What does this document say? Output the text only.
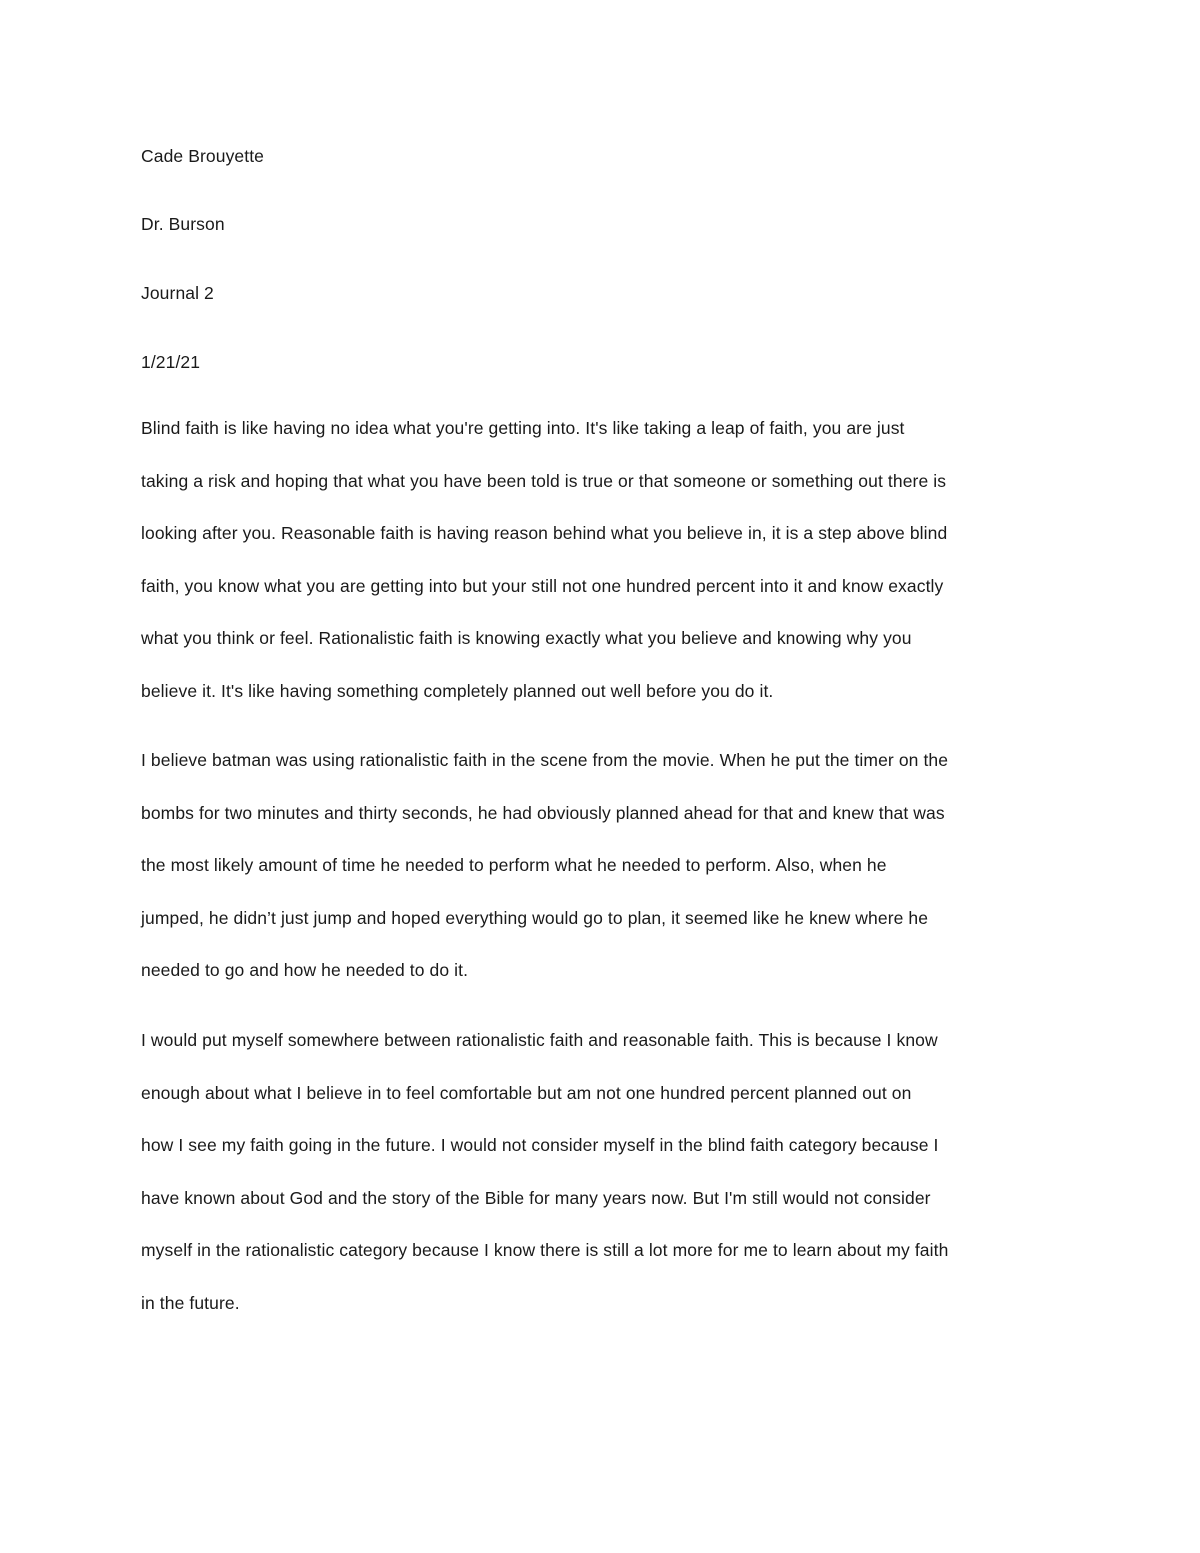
Cade Brouyette

Dr. Burson

Journal 2

1/21/21

Blind faith is like having no idea what you're getting into. It's like taking a leap of faith, you are just
taking a risk and hoping that what you have been told is true or that someone or something out there is
looking after you. Reasonable faith is having reason behind what you believe in, it is a step above blind
faith, you know what you are getting into but your still not one hundred percent into it and know exactly
what you think or feel. Rationalistic faith is knowing exactly what you believe and knowing why you
believe it. It's like having something completely planned out well before you do it.

I believe batman was using rationalistic faith in the scene from the movie. When he put the timer on the
bombs for two minutes and thirty seconds, he had obviously planned ahead for that and knew that was
the most likely amount of time he needed to perform what he needed to perform. Also, when he
jumped, he didn’t just jump and hoped everything would go to plan, it seemed like he knew where he
needed to go and how he needed to do it.

I would put myself somewhere between rationalistic faith and reasonable faith. This is because I know
enough about what I believe in to feel comfortable but am not one hundred percent planned out on
how I see my faith going in the future. I would not consider myself in the blind faith category because I
have known about God and the story of the Bible for many years now. But I'm still would not consider
myself in the rationalistic category because I know there is still a lot more for me to learn about my faith
in the future.
